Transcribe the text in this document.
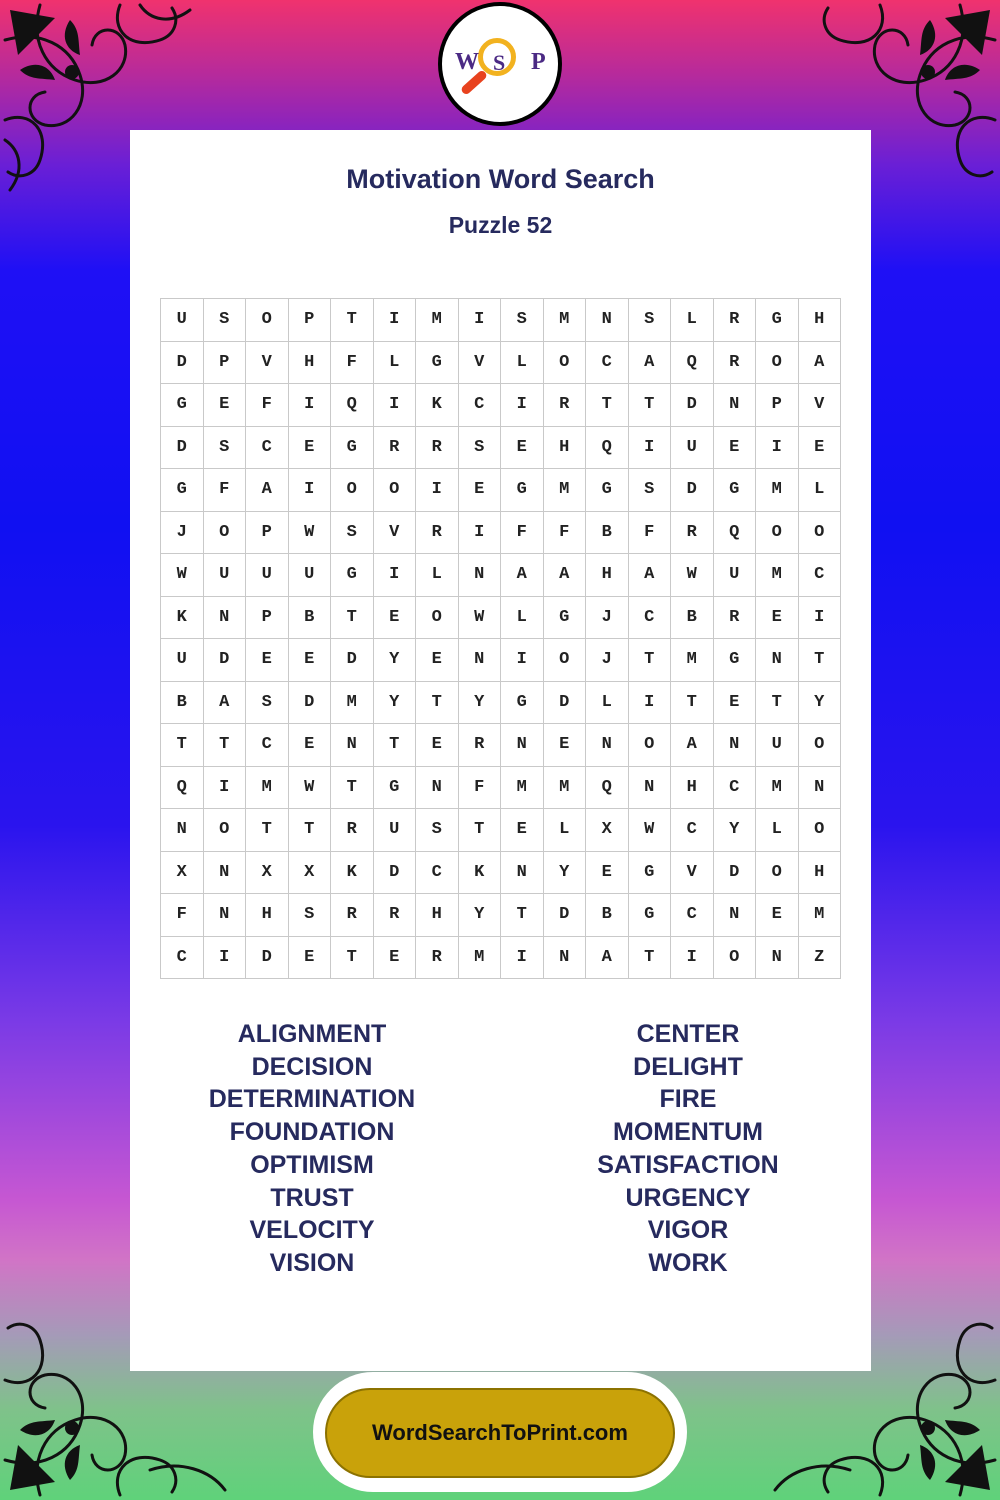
W S P
Motivation Word Search
Puzzle 52
U	S	O	P	T	I	M	I	S	M	N	S	L	R	G	H
D	P	V	H	F	L	G	V	L	O	C	A	Q	R	O	A
G	E	F	I	Q	I	K	C	I	R	T	T	D	N	P	V
D	S	C	E	G	R	R	S	E	H	Q	I	U	E	I	E
G	F	A	I	O	O	I	E	G	M	G	S	D	G	M	L
J	O	P	W	S	V	R	I	F	F	B	F	R	Q	O	O
W	U	U	U	G	I	L	N	A	A	H	A	W	U	M	C
K	N	P	B	T	E	O	W	L	G	J	C	B	R	E	I
U	D	E	E	D	Y	E	N	I	O	J	T	M	G	N	T
B	A	S	D	M	Y	T	Y	G	D	L	I	T	E	T	Y
T	T	C	E	N	T	E	R	N	E	N	O	A	N	U	O
Q	I	M	W	T	G	N	F	M	M	Q	N	H	C	M	N
N	O	T	T	R	U	S	T	E	L	X	W	C	Y	L	O
X	N	X	X	K	D	C	K	N	Y	E	G	V	D	O	H
F	N	H	S	R	R	H	Y	T	D	B	G	C	N	E	M
C	I	D	E	T	E	R	M	I	N	A	T	I	O	N	Z
ALIGNMENT
DECISION
DETERMINATION
FOUNDATION
OPTIMISM
TRUST
VELOCITY
VISION
CENTER
DELIGHT
FIRE
MOMENTUM
SATISFACTION
URGENCY
VIGOR
WORK
WordSearchToPrint.com
